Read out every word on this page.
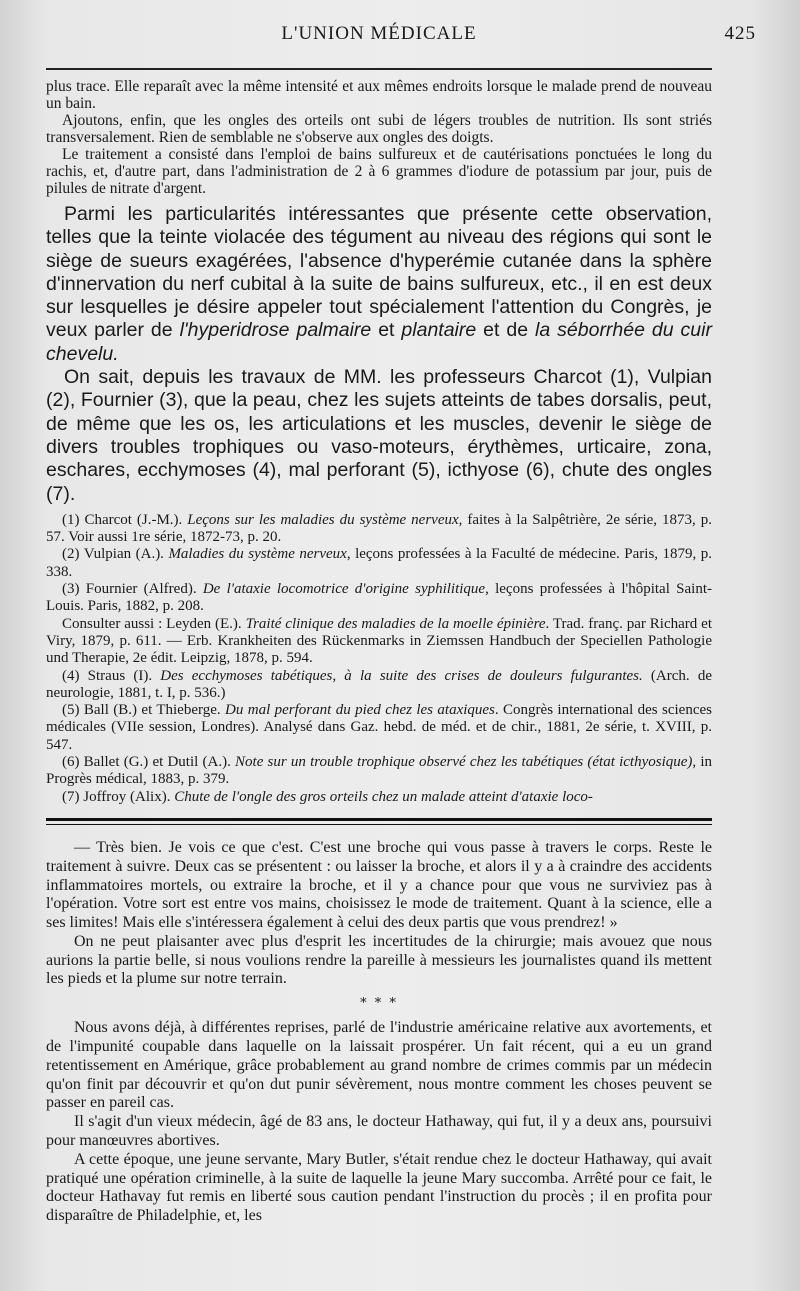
L'UNION MÉDICALE	425

plus trace. Elle reparaît avec la même intensité et aux mêmes endroits lorsque le malade prend de nouveau un bain.

Ajoutons, enfin, que les ongles des orteils ont subi de légers troubles de nutrition. Ils sont striés transversalement. Rien de semblable ne s'observe aux ongles des doigts.

Le traitement a consisté dans l'emploi de bains sulfureux et de cautérisations ponctuées le long du rachis, et, d'autre part, dans l'administration de 2 à 6 grammes d'iodure de potassium par jour, puis de pilules de nitrate d'argent.

Parmi les particularités intéressantes que présente cette observation, telles que la teinte violacée des tégument au niveau des régions qui sont le siège de sueurs exagérées, l'absence d'hyperémie cutanée dans la sphère d'innervation du nerf cubital à la suite de bains sulfureux, etc., il en est deux sur lesquelles je désire appeler tout spécialement l'attention du Congrès, je veux parler de l'hyperidrose palmaire et plantaire et de la séborrhée du cuir chevelu.

On sait, depuis les travaux de MM. les professeurs Charcot (1), Vulpian (2), Fournier (3), que la peau, chez les sujets atteints de tabes dorsalis, peut, de même que les os, les articulations et les muscles, devenir le siège de divers troubles trophiques ou vaso-moteurs, érythèmes, urticaire, zona, eschares, ecchymoses (4), mal perforant (5), icthyose (6), chute des ongles (7).

(1) Charcot (J.-M.). Leçons sur les maladies du système nerveux, faites à la Salpêtrière, 2e série, 1873, p. 57. Voir aussi 1re série, 1872-73, p. 20.

(2) Vulpian (A.). Maladies du système nerveux, leçons professées à la Faculté de médecine. Paris, 1879, p. 338.

(3) Fournier (Alfred). De l'ataxie locomotrice d'origine syphilitique, leçons professées à l'hôpital Saint-Louis. Paris, 1882, p. 208.

Consulter aussi : Leyden (E.). Traité clinique des maladies de la moelle épinière. Trad. franç. par Richard et Viry, 1879, p. 611. — Erb. Krankheiten des Rückenmarks in Ziemssen Handbuch der Speciellen Pathologie und Therapie, 2e édit. Leipzig, 1878, p. 594.

(4) Straus (I). Des ecchymoses tabétiques, à la suite des crises de douleurs fulgurantes. (Arch. de neurologie, 1881, t. I, p. 536.)

(5) Ball (B.) et Thieberge. Du mal perforant du pied chez les ataxiques. Congrès international des sciences médicales (VIIe session, Londres). Analysé dans Gaz. hebd. de méd. et de chir., 1881, 2e série, t. XVIII, p. 547.

(6) Ballet (G.) et Dutil (A.). Note sur un trouble trophique observé chez les tabétiques (état icthyosique), in Progrès médical, 1883, p. 379.

(7) Joffroy (Alix). Chute de l'ongle des gros orteils chez un malade atteint d'ataxie loco-

— Très bien. Je vois ce que c'est. C'est une broche qui vous passe à travers le corps. Reste le traitement à suivre. Deux cas se présentent : ou laisser la broche, et alors il y a à craindre des accidents inflammatoires mortels, ou extraire la broche, et il y a chance pour que vous ne surviviez pas à l'opération. Votre sort est entre vos mains, choisissez le mode de traitement. Quant à la science, elle a ses limites! Mais elle s'intéressera également à celui des deux partis que vous prendrez! »

On ne peut plaisanter avec plus d'esprit les incertitudes de la chirurgie; mais avouez que nous aurions la partie belle, si nous voulions rendre la pareille à messieurs les journalistes quand ils mettent les pieds et la plume sur notre terrain.

* * *

Nous avons déjà, à différentes reprises, parlé de l'industrie américaine relative aux avortements, et de l'impunité coupable dans laquelle on la laissait prospérer. Un fait récent, qui a eu un grand retentissement en Amérique, grâce probablement au grand nombre de crimes commis par un médecin qu'on finit par découvrir et qu'on dut punir sévèrement, nous montre comment les choses peuvent se passer en pareil cas.

Il s'agit d'un vieux médecin, âgé de 83 ans, le docteur Hathaway, qui fut, il y a deux ans, poursuivi pour manœuvres abortives.

A cette époque, une jeune servante, Mary Butler, s'était rendue chez le docteur Hathaway, qui avait pratiqué une opération criminelle, à la suite de laquelle la jeune Mary succomba. Arrêté pour ce fait, le docteur Hathavay fut remis en liberté sous caution pendant l'instruction du procès ; il en profita pour disparaître de Philadelphie, et, les
